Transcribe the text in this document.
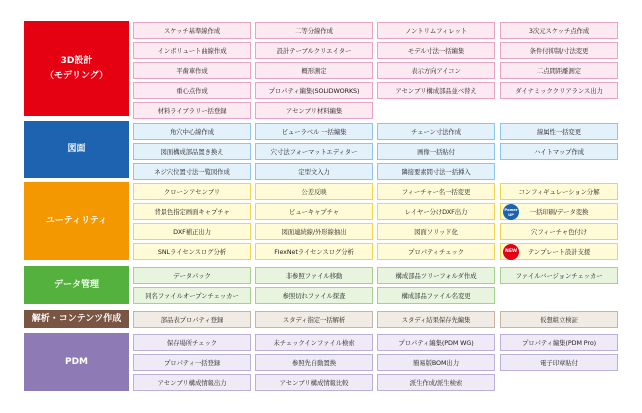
3D設計
（モデリング）
図面
ユーティリティ
データ管理
解析・コンテンツ作成
PDM
スケッチ基準線作成	二等分線作成	ノントリムフィレット	3次元スケッチ点作成
インボリュート曲線作成	設計テーブルクリエイター	モデル寸法一括編集	条件付抑制/寸法変更
平歯車作成	概形測定	表示方向アイコン	二点間距離測定
重心点作成	プロパティ編集(SOLIDWORKS)	アセンブリ構成部品並べ替え	ダイナミッククリアランス出力
材料ライブラリー括登録	アセンブリ材料編集
角穴中心線作成	ビューラベル 一括編集	チェーン寸法作成	線属性一括変更
図面構成部品置き換え	穴寸法フォーマットエディター	画像一括貼付	ハイトマップ作成
ネジ穴位置寸法一覧図作成	定型文入力	隣接要素間寸法一括挿入
クローンアセンブリ	公差反映	フィーチャー名一括変更	コンフィギュレーション分解
背景色指定画面キャプチャ	ビューキャプチャ	レイヤー分けDXF出力	一括印刷/データ変換
DXF補正出力	図面連続線/外形線抽出	図面ソリッド化	穴フィーチャ色付け
SNLライセンスログ分析	FlexNetライセンスログ分析	プロパティチェック	テンプレート設計支援
データパック	非参照ファイル移動	構成部品ツリーフォルダ作成	ファイルバージョンチェッカー
同名ファイルオープンチェッカー	参照切れファイル探査	構成部品ファイル名変更
部品表プロパティ登録	スタディ指定一括解析	スタディ結果保存先編集	仮想組立検証
保存場所チェック	未チェックインファイル検索	プロパティ編集(PDM WG)	プロパティ編集(PDM Pro)
プロパティ一括登録	参照先自動置換	簡易版BOM出力	電子印章貼付
アセンブリ構成情報出力	アセンブリ構成情報比較	派生作成/派生検索
NEW
Power
UP
